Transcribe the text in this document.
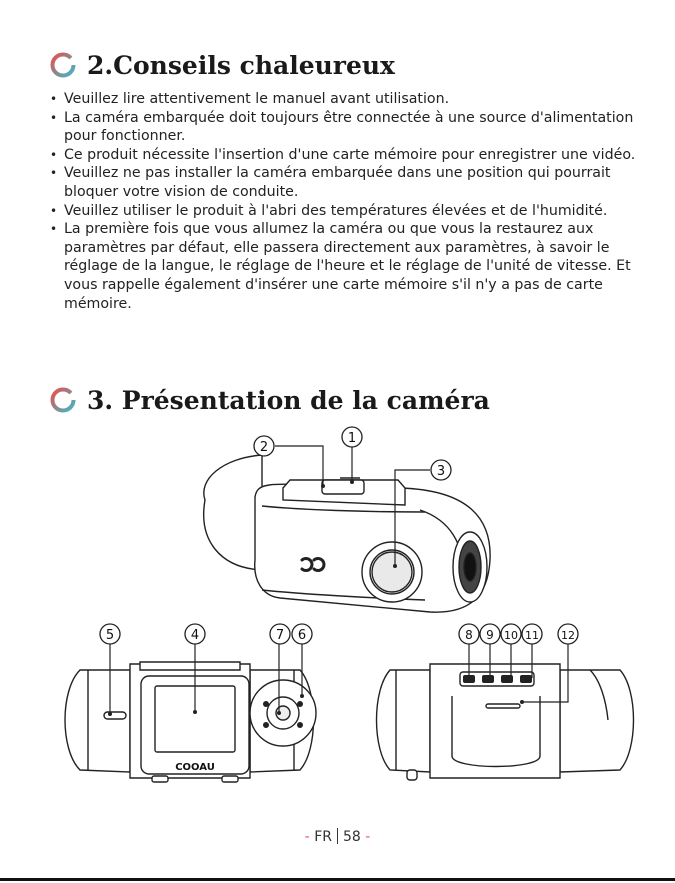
2.Conseils chaleureux
• Veuillez lire attentivement le manuel avant utilisation.
• La caméra embarquée doit toujours être connectée à une source d'alimentation pour fonctionner.
• Ce produit nécessite l'insertion d'une carte mémoire pour enregistrer une vidéo.
• Veuillez ne pas installer la caméra embarquée dans une position qui pourrait bloquer votre vision de conduite.
• Veuillez utiliser le produit à l'abri des températures élevées et de l'humidité.
• La première fois que vous allumez la caméra ou que vous la restaurez aux paramètres par défaut, elle passera directement aux paramètres, à savoir le réglage de la langue, le réglage de l'heure et le réglage de l'unité de vitesse. Et vous rappelle également d'insérer une carte mémoire s'il n'y a pas de carte mémoire.
3. Présentation de la caméra
1
2
3
COOAU
5	4	7 6	8 9 10 11 12
- FR 58 -
